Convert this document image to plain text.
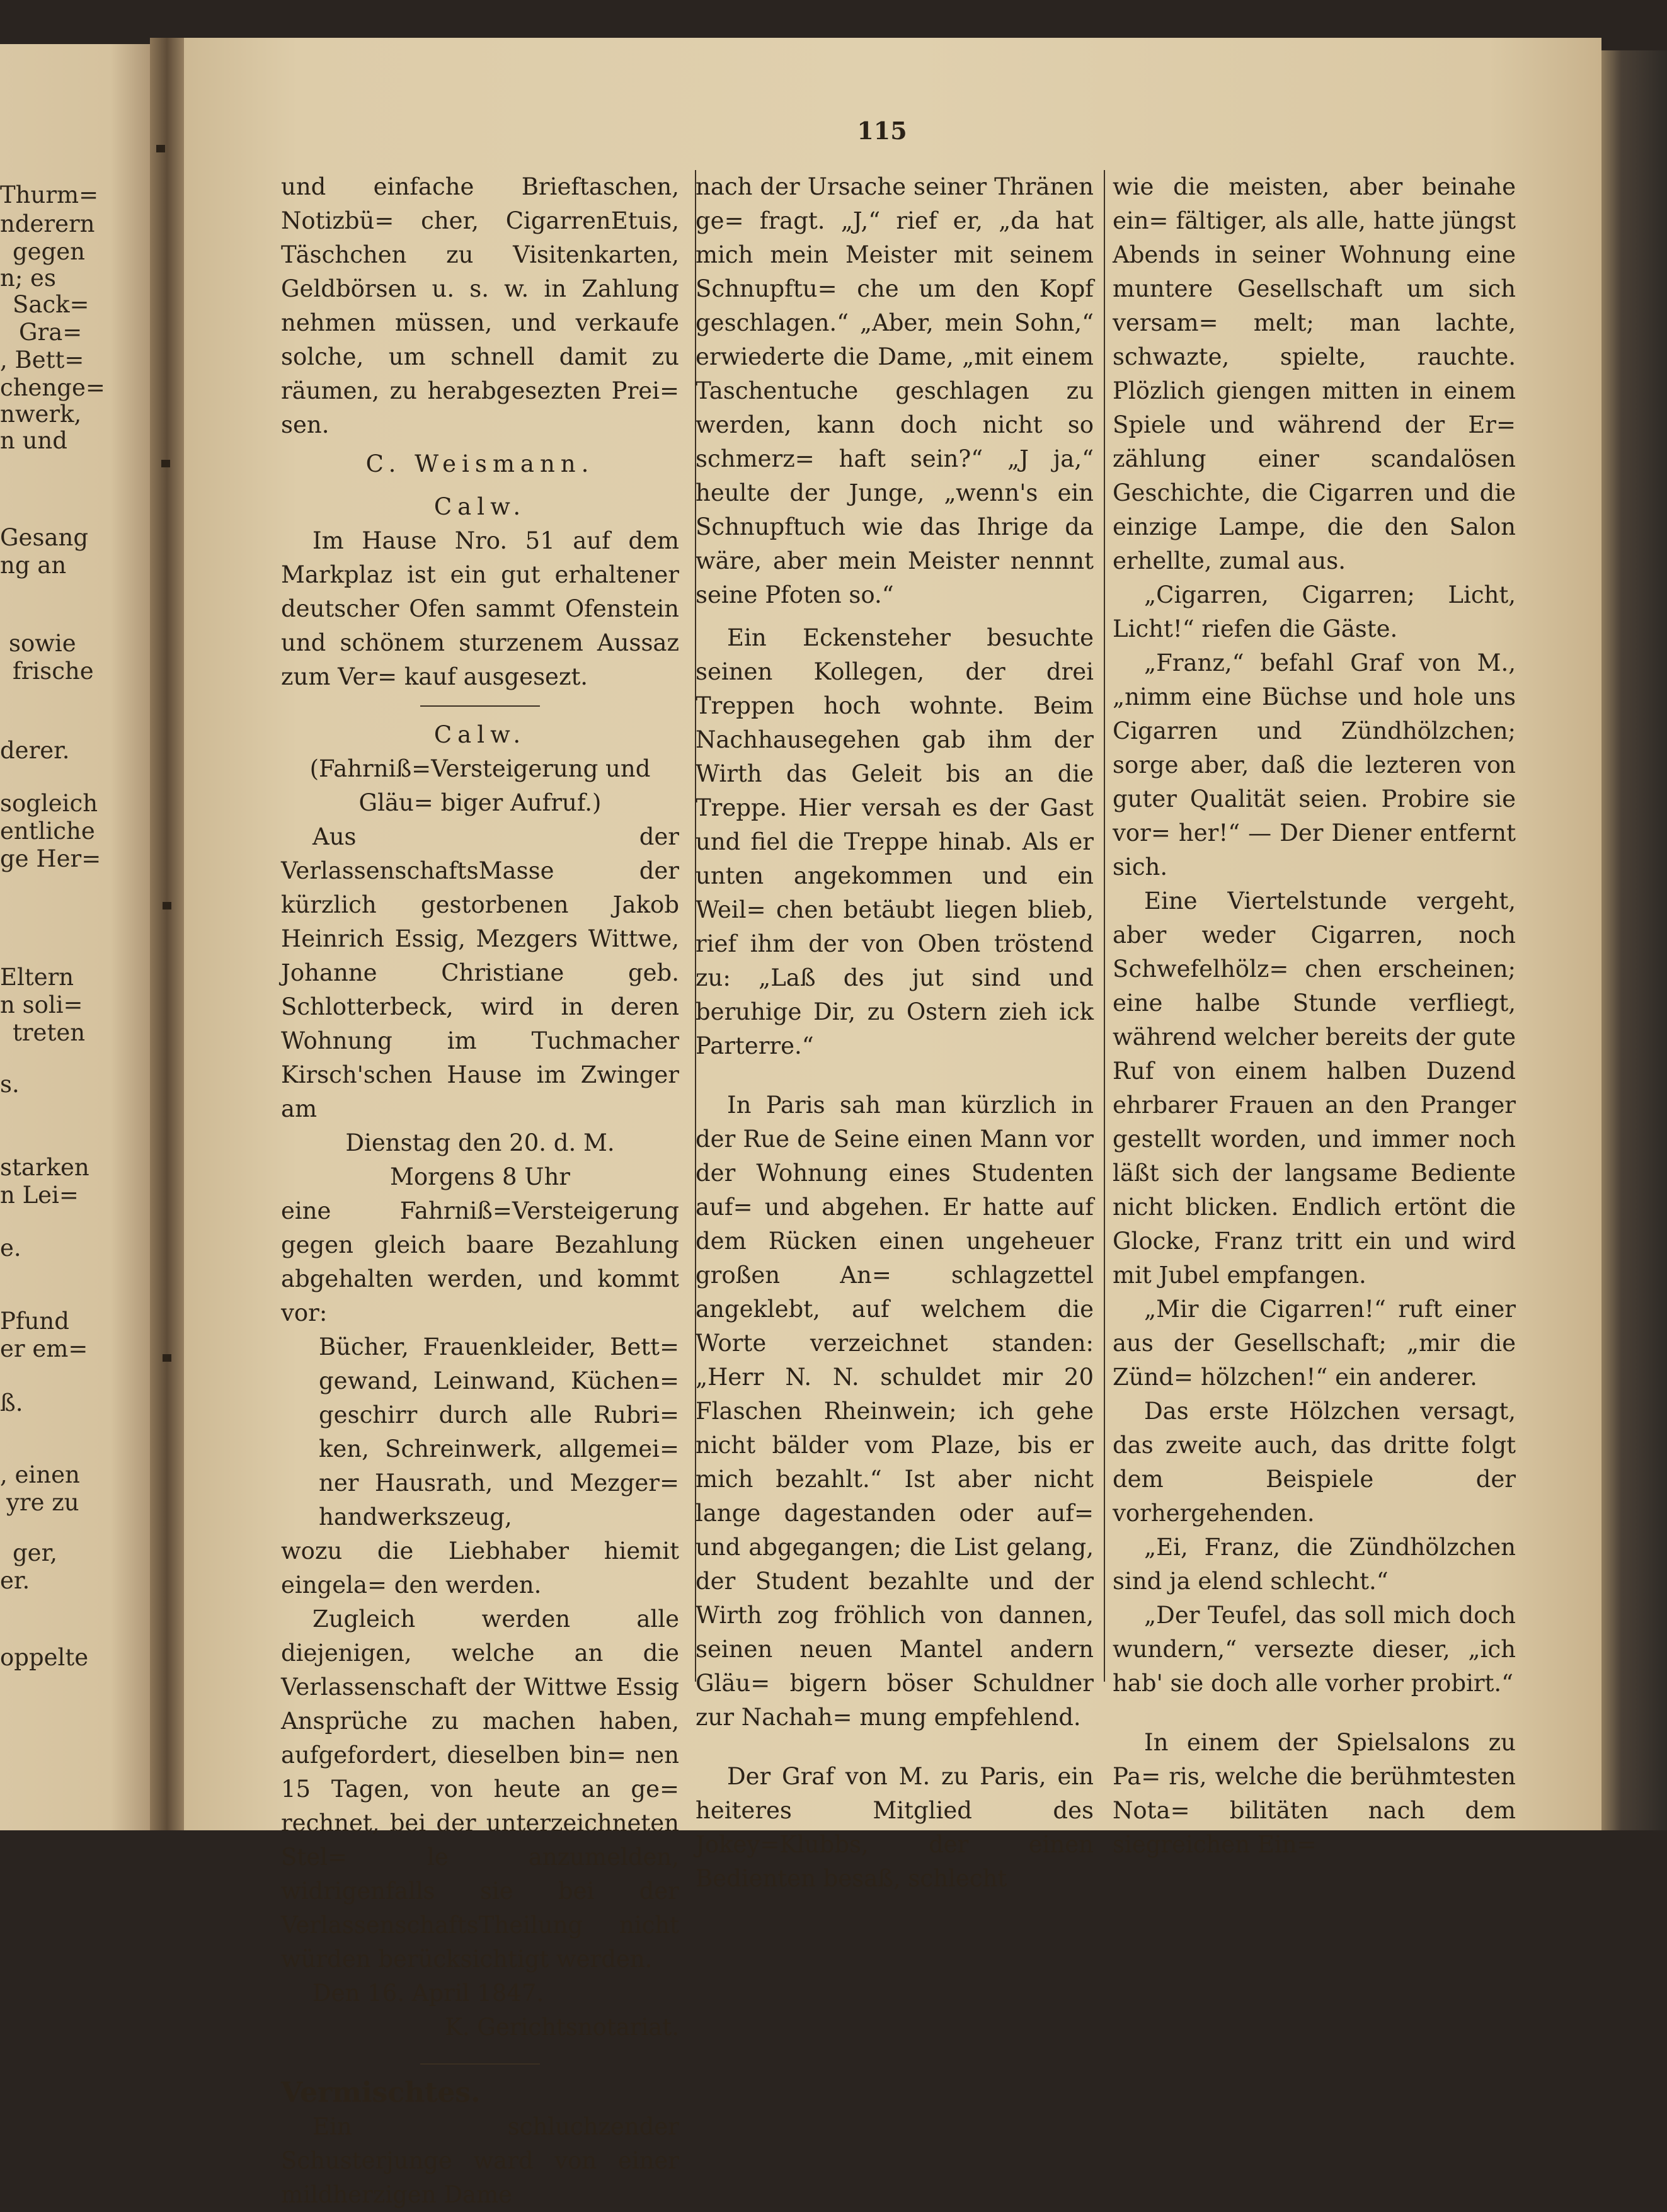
Thurm=
nderern
gegen
n; es
Sack=
Gra=
, Bett=
chenge=
nwerk,
n und
Gesang
ng an
sowie
frische
derer.
sogleich
entliche
ge Her=
Eltern
n soli=
treten
s.
starken
n Lei=
e.
Pfund
er em=
ß.
, einen
yre zu
ger,
er.
oppelte
115

und einfache Brieftaschen, Notizbü= cher, CigarrenEtuis, Täschchen zu Visitenkarten, Geldbörsen u. s. w. in Zahlung nehmen müssen, und verkaufe solche, um schnell damit zu räumen, zu herabgesezten Prei= sen.

C. Weismann.

Calw.

Im Hause Nro. 51 auf dem Markplaz ist ein gut erhaltener deutscher Ofen sammt Ofenstein und schönem sturzenem Aussaz zum Ver= kauf ausgesezt.

Calw.

(Fahrniß=Versteigerung und Gläu= biger Aufruf.)

Aus der VerlassenschaftsMasse der kürzlich gestorbenen Jakob Heinrich Essig, Mezgers Wittwe, Johanne Christiane geb. Schlotterbeck, wird in deren Wohnung im Tuchmacher Kirsch'schen Hause im Zwinger am

Dienstag den 20. d. M.

Morgens 8 Uhr

eine Fahrniß=Versteigerung gegen gleich baare Bezahlung abgehalten werden, und kommt vor:

Bücher, Frauenkleider, Bett= gewand, Leinwand, Küchen= geschirr durch alle Rubri= ken, Schreinwerk, allgemei= ner Hausrath, und Mezger= handwerkszeug,

wozu die Liebhaber hiemit eingela= den werden.

Zugleich werden alle diejenigen, welche an die Verlassenschaft der Wittwe Essig Ansprüche zu machen haben, aufgefordert, dieselben bin= nen 15 Tagen, von heute an ge= rechnet, bei der unterzeichneten Stel= le anzumelden, widrigenfalls sie bei der VerlassenschaftsTheilung nicht würden berücksichtigt werden.

Den 16. April 1847.

K. Gerichtsnotariat.

Vermischtes.

Ein schluchzender Schusterjunge ward von einer mildherzigen Dame

nach der Ursache seiner Thränen ge= fragt. „J,“ rief er, „da hat mich mein Meister mit seinem Schnupftu= che um den Kopf geschlagen.“ „Aber, mein Sohn,“ erwiederte die Dame, „mit einem Taschentuche geschlagen zu werden, kann doch nicht so schmerz= haft sein?“ „J ja,“ heulte der Junge, „wenn's ein Schnupftuch wie das Ihrige da wäre, aber mein Meister nennnt seine Pfoten so.“

Ein Eckensteher besuchte seinen Kollegen, der drei Treppen hoch wohnte. Beim Nachhausegehen gab ihm der Wirth das Geleit bis an die Treppe. Hier versah es der Gast und fiel die Treppe hinab. Als er unten angekommen und ein Weil= chen betäubt liegen blieb, rief ihm der von Oben tröstend zu: „Laß des jut sind und beruhige Dir, zu Ostern zieh ick Parterre.“

In Paris sah man kürzlich in der Rue de Seine einen Mann vor der Wohnung eines Studenten auf= und abgehen. Er hatte auf dem Rücken einen ungeheuer großen An= schlagzettel angeklebt, auf welchem die Worte verzeichnet standen: „Herr N. N. schuldet mir 20 Flaschen Rheinwein; ich gehe nicht bälder vom Plaze, bis er mich bezahlt.“ Ist aber nicht lange dagestanden oder auf= und abgegangen; die List gelang, der Student bezahlte und der Wirth zog fröhlich von dannen, seinen neuen Mantel andern Gläu= bigern böser Schuldner zur Nachah= mung empfehlend.

Der Graf von M. zu Paris, ein heiteres Mitglied des Jokey=Klubbs, der einen Bedienten besaß, schlecht

wie die meisten, aber beinahe ein= fältiger, als alle, hatte jüngst Abends in seiner Wohnung eine muntere Gesellschaft um sich versam= melt; man lachte, schwazte, spielte, rauchte. Plözlich giengen mitten in einem Spiele und während der Er= zählung einer scandalösen Geschichte, die Cigarren und die einzige Lampe, die den Salon erhellte, zumal aus.

„Cigarren, Cigarren; Licht, Licht!“ riefen die Gäste.

„Franz,“ befahl Graf von M., „nimm eine Büchse und hole uns Cigarren und Zündhölzchen; sorge aber, daß die lezteren von guter Qualität seien. Probire sie vor= her!“ — Der Diener entfernt sich.

Eine Viertelstunde vergeht, aber weder Cigarren, noch Schwefelhölz= chen erscheinen; eine halbe Stunde verfliegt, während welcher bereits der gute Ruf von einem halben Duzend ehrbarer Frauen an den Pranger gestellt worden, und immer noch läßt sich der langsame Bediente nicht blicken. Endlich ertönt die Glocke, Franz tritt ein und wird mit Jubel empfangen.

„Mir die Cigarren!“ ruft einer aus der Gesellschaft; „mir die Zünd= hölzchen!“ ein anderer.

Das erste Hölzchen versagt, das zweite auch, das dritte folgt dem Beispiele der vorhergehenden.

„Ei, Franz, die Zündhölzchen sind ja elend schlecht.“

„Der Teufel, das soll mich doch wundern,“ versezte dieser, „ich hab' sie doch alle vorher probirt.“

In einem der Spielsalons zu Pa= ris, welche die berühmtesten Nota= bilitäten nach dem siegreichen Ein=
